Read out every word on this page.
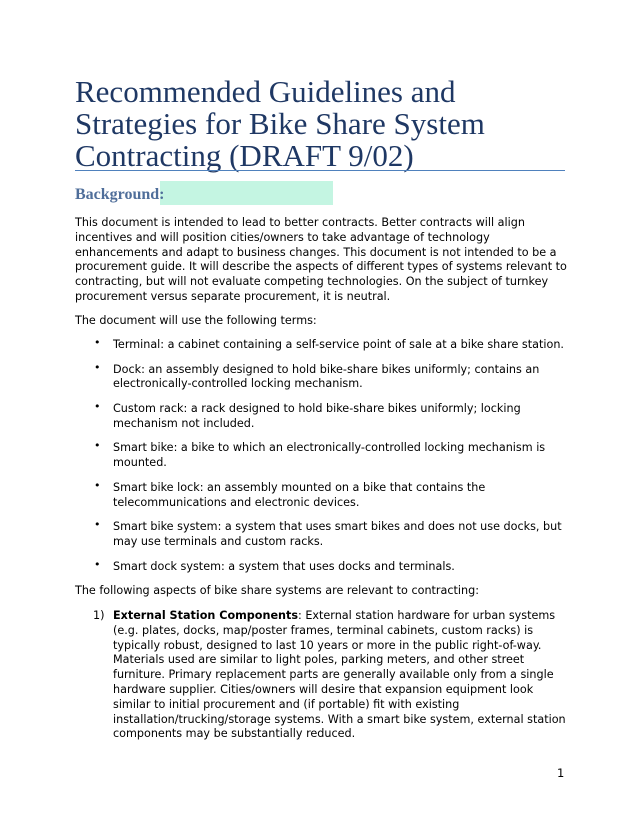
Recommended Guidelines and Strategies for Bike Share System Contracting (DRAFT 9/02)
Background:

This document is intended to lead to better contracts. Better contracts will align incentives and will position cities/owners to take advantage of technology enhancements and adapt to business changes. This document is not intended to be a procurement guide. It will describe the aspects of different types of systems relevant to contracting, but will not evaluate competing technologies. On the subject of turnkey procurement versus separate procurement, it is neutral.

The document will use the following terms:

• Terminal: a cabinet containing a self-service point of sale at a bike share station.
• Dock: an assembly designed to hold bike-share bikes uniformly; contains an electronically-controlled locking mechanism.
• Custom rack: a rack designed to hold bike-share bikes uniformly; locking mechanism not included.
• Smart bike: a bike to which an electronically-controlled locking mechanism is mounted.
• Smart bike lock: an assembly mounted on a bike that contains the telecommunications and electronic devices.
• Smart bike system: a system that uses smart bikes and does not use docks, but may use terminals and custom racks.
• Smart dock system: a system that uses docks and terminals.

The following aspects of bike share systems are relevant to contracting:

1) External Station Components: External station hardware for urban systems (e.g. plates, docks, map/poster frames, terminal cabinets, custom racks) is typically robust, designed to last 10 years or more in the public right-of-way. Materials used are similar to light poles, parking meters, and other street furniture. Primary replacement parts are generally available only from a single hardware supplier. Cities/owners will desire that expansion equipment look similar to initial procurement and (if portable) fit with existing installation/trucking/storage systems. With a smart bike system, external station components may be substantially reduced.
1
